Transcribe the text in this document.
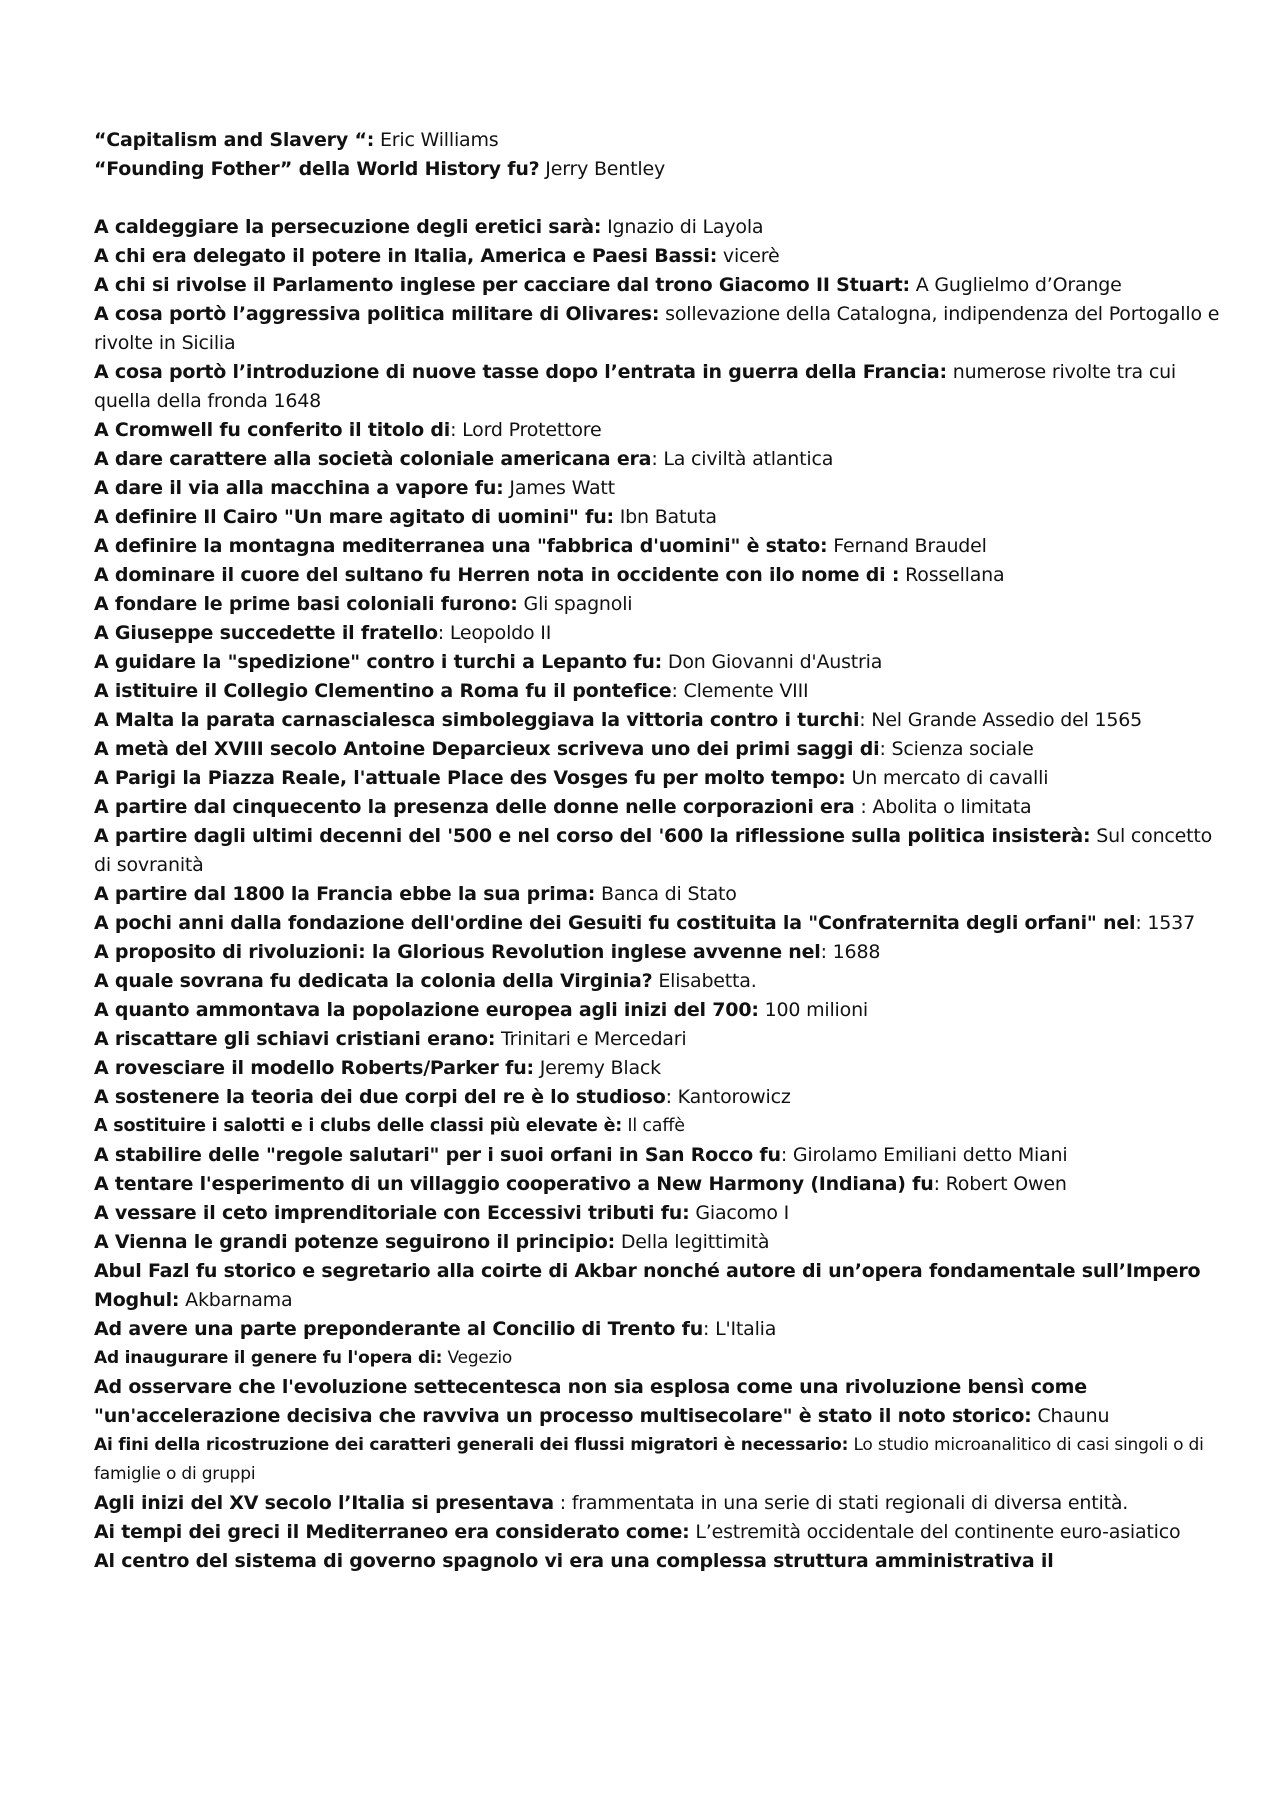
“Capitalism and Slavery “: Eric Williams

“Founding Fother” della World History fu? Jerry Bentley

A caldeggiare la persecuzione degli eretici sarà: Ignazio di Layola

A chi era delegato il potere in Italia, America e Paesi Bassi: vicerè

A chi si rivolse il Parlamento inglese per cacciare dal trono Giacomo II Stuart: A Guglielmo d’Orange

A cosa portò l’aggressiva politica militare di Olivares: sollevazione della Catalogna, indipendenza del Portogallo e rivolte in Sicilia

A cosa portò l’introduzione di nuove tasse dopo l’entrata in guerra della Francia: numerose rivolte tra cui quella della fronda 1648

A Cromwell fu conferito il titolo di: Lord Protettore

A dare carattere alla società coloniale americana era: La civiltà atlantica

A dare il via alla macchina a vapore fu: James Watt

A definire Il Cairo "Un mare agitato di uomini" fu: Ibn Batuta

A definire la montagna mediterranea una "fabbrica d'uomini" è stato: Fernand Braudel

A dominare il cuore del sultano fu Herren nota in occidente con ilo nome di : Rossellana

A fondare le prime basi coloniali furono: Gli spagnoli

A Giuseppe succedette il fratello: Leopoldo II

A guidare la "spedizione" contro i turchi a Lepanto fu: Don Giovanni d'Austria

A istituire il Collegio Clementino a Roma fu il pontefice: Clemente VIII

A Malta la parata carnascialesca simboleggiava la vittoria contro i turchi: Nel Grande Assedio del 1565

A metà del XVIII secolo Antoine Deparcieux scriveva uno dei primi saggi di: Scienza sociale

A Parigi la Piazza Reale, l'attuale Place des Vosges fu per molto tempo: Un mercato di cavalli

A partire dal cinquecento la presenza delle donne nelle corporazioni era : Abolita o limitata

A partire dagli ultimi decenni del '500 e nel corso del '600 la riflessione sulla politica insisterà: Sul concetto di sovranità

A partire dal 1800 la Francia ebbe la sua prima: Banca di Stato

A pochi anni dalla fondazione dell'ordine dei Gesuiti fu costituita la "Confraternita degli orfani" nel: 1537

A proposito di rivoluzioni: la Glorious Revolution inglese avvenne nel: 1688

A quale sovrana fu dedicata la colonia della Virginia? Elisabetta.

A quanto ammontava la popolazione europea agli inizi del 700: 100 milioni

A riscattare gli schiavi cristiani erano: Trinitari e Mercedari

A rovesciare il modello Roberts/Parker fu: Jeremy Black

A sostenere la teoria dei due corpi del re è lo studioso: Kantorowicz

A sostituire i salotti e i clubs delle classi più elevate è: Il caffè

A stabilire delle "regole salutari" per i suoi orfani in San Rocco fu: Girolamo Emiliani detto Miani

A tentare l'esperimento di un villaggio cooperativo a New Harmony (Indiana) fu: Robert Owen

A vessare il ceto imprenditoriale con Eccessivi tributi fu: Giacomo I

A Vienna le grandi potenze seguirono il principio: Della legittimità

Abul Fazl fu storico e segretario alla coirte di Akbar nonché autore di un’opera fondamentale sull’Impero Moghul: Akbarnama

Ad avere una parte preponderante al Concilio di Trento fu: L'Italia

Ad inaugurare il genere fu l'opera di: Vegezio

Ad osservare che l'evoluzione settecentesca non sia esplosa come una rivoluzione bensì come "un'accelerazione decisiva che ravviva un processo multisecolare" è stato il noto storico: Chaunu

Ai fini della ricostruzione dei caratteri generali dei flussi migratori è necessario: Lo studio microanalitico di casi singoli o di famiglie o di gruppi

Agli inizi del XV secolo l’Italia si presentava : frammentata in una serie di stati regionali di diversa entità.

Ai tempi dei greci il Mediterraneo era considerato come: L’estremità occidentale del continente euro-asiatico

Al centro del sistema di governo spagnolo vi era una complessa struttura amministrativa il
